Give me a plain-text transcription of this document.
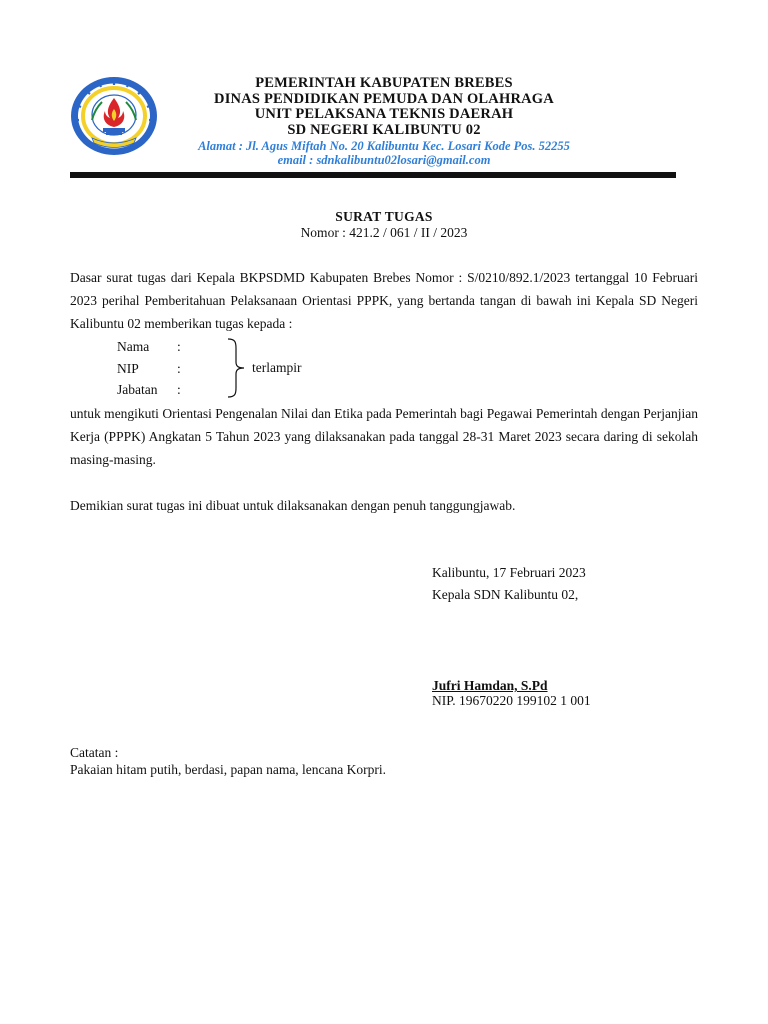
PEMERINTAH KABUPATEN BREBES
DINAS PENDIDIKAN PEMUDA DAN OLAHRAGA
UNIT PELAKSANA TEKNIS DAERAH
SD NEGERI KALIBUNTU 02
Alamat : Jl. Agus Miftah No. 20 Kalibuntu Kec. Losari Kode Pos. 52255
email : sdnkalibuntu02losari@gmail.com
SURAT TUGAS
Nomor : 421.2 / 061 / II / 2023
Dasar surat tugas dari Kepala BKPSDMD Kabupaten Brebes Nomor : S/0210/892.1/2023 tertanggal 10 Februari 2023 perihal Pemberitahuan Pelaksanaan Orientasi PPPK, yang bertanda tangan di bawah ini Kepala SD Negeri Kalibuntu 02 memberikan tugas kepada :
Nama :
NIP	:
Jabatan :
terlampir
untuk mengikuti Orientasi Pengenalan Nilai dan Etika pada Pemerintah bagi Pegawai Pemerintah dengan Perjanjian Kerja (PPPK) Angkatan 5 Tahun 2023 yang dilaksanakan pada tanggal 28-31 Maret 2023 secara daring di sekolah masing-masing.
Demikian surat tugas ini dibuat untuk dilaksanakan dengan penuh tanggungjawab.
Kalibuntu, 17 Februari 2023
Kepala SDN Kalibuntu 02,
Jufri Hamdan, S.Pd
NIP. 19670220 199102 1 001
Catatan :
Pakaian hitam putih, berdasi, papan nama, lencana Korpri.
